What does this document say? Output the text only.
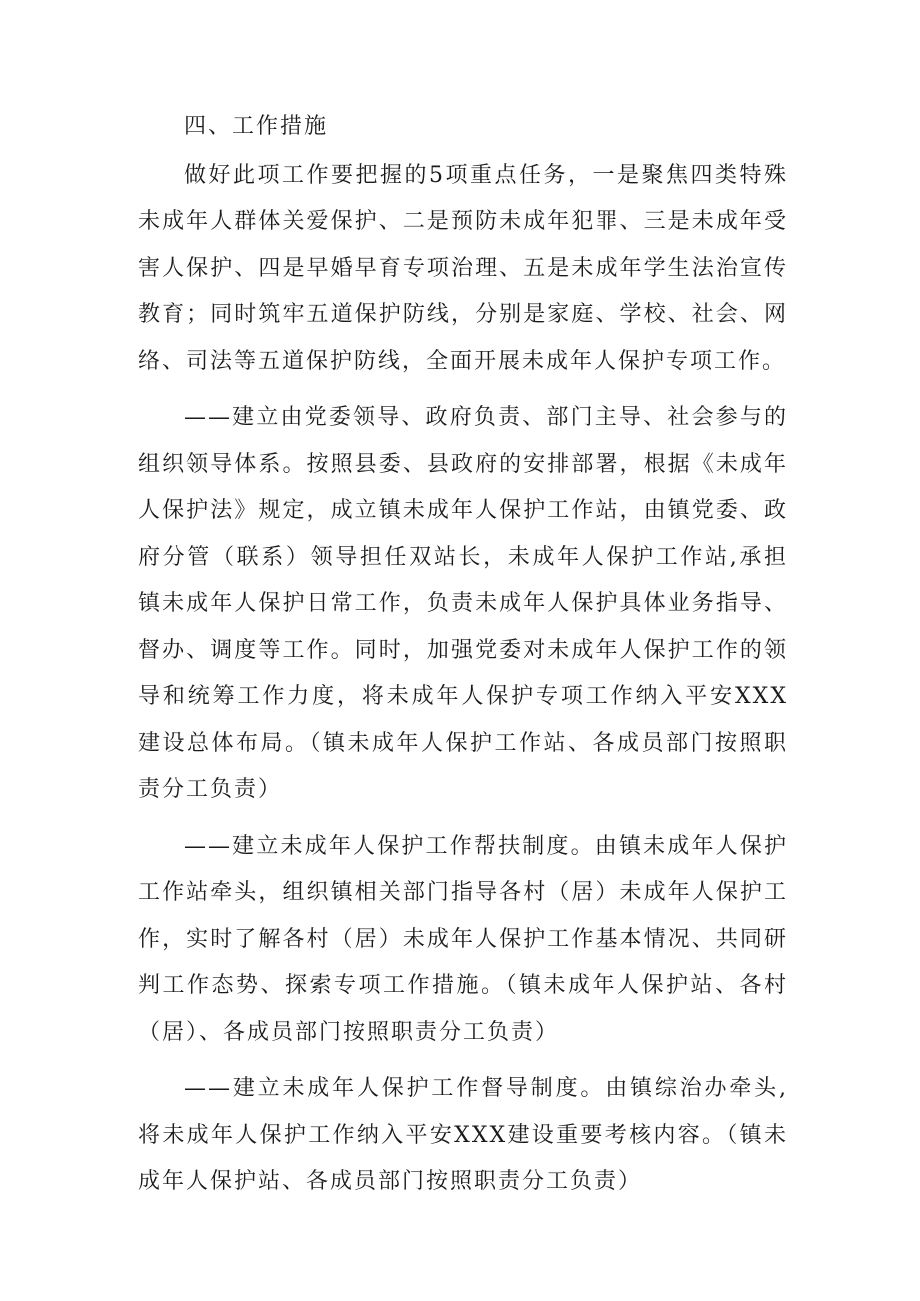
四、工作措施

做好此项工作要把握的5项重点任务，一是聚焦四类特殊未成年人群体关爱保护、二是预防未成年犯罪、三是未成年受害人保护、四是早婚早育专项治理、五是未成年学生法治宣传教育；同时筑牢五道保护防线，分别是家庭、学校、社会、网络、司法等五道保护防线，全面开展未成年人保护专项工作。

——建立由党委领导、政府负责、部门主导、社会参与的组织领导体系。按照县委、县政府的安排部署，根据《未成年人保护法》规定，成立镇未成年人保护工作站，由镇党委、政府分管（联系）领导担任双站长，未成年人保护工作站,承担镇未成年人保护日常工作，负责未成年人保护具体业务指导、督办、调度等工作。同时，加强党委对未成年人保护工作的领导和统筹工作力度，将未成年人保护专项工作纳入平安XXX建设总体布局。（镇未成年人保护工作站、各成员部门按照职责分工负责）

——建立未成年人保护工作帮扶制度。由镇未成年人保护工作站牵头，组织镇相关部门指导各村（居）未成年人保护工作，实时了解各村（居）未成年人保护工作基本情况、共同研判工作态势、探索专项工作措施。（镇未成年人保护站、各村（居）、各成员部门按照职责分工负责）

——建立未成年人保护工作督导制度。由镇综治办牵头,将未成年人保护工作纳入平安XXX建设重要考核内容。（镇未成年人保护站、各成员部门按照职责分工负责）
